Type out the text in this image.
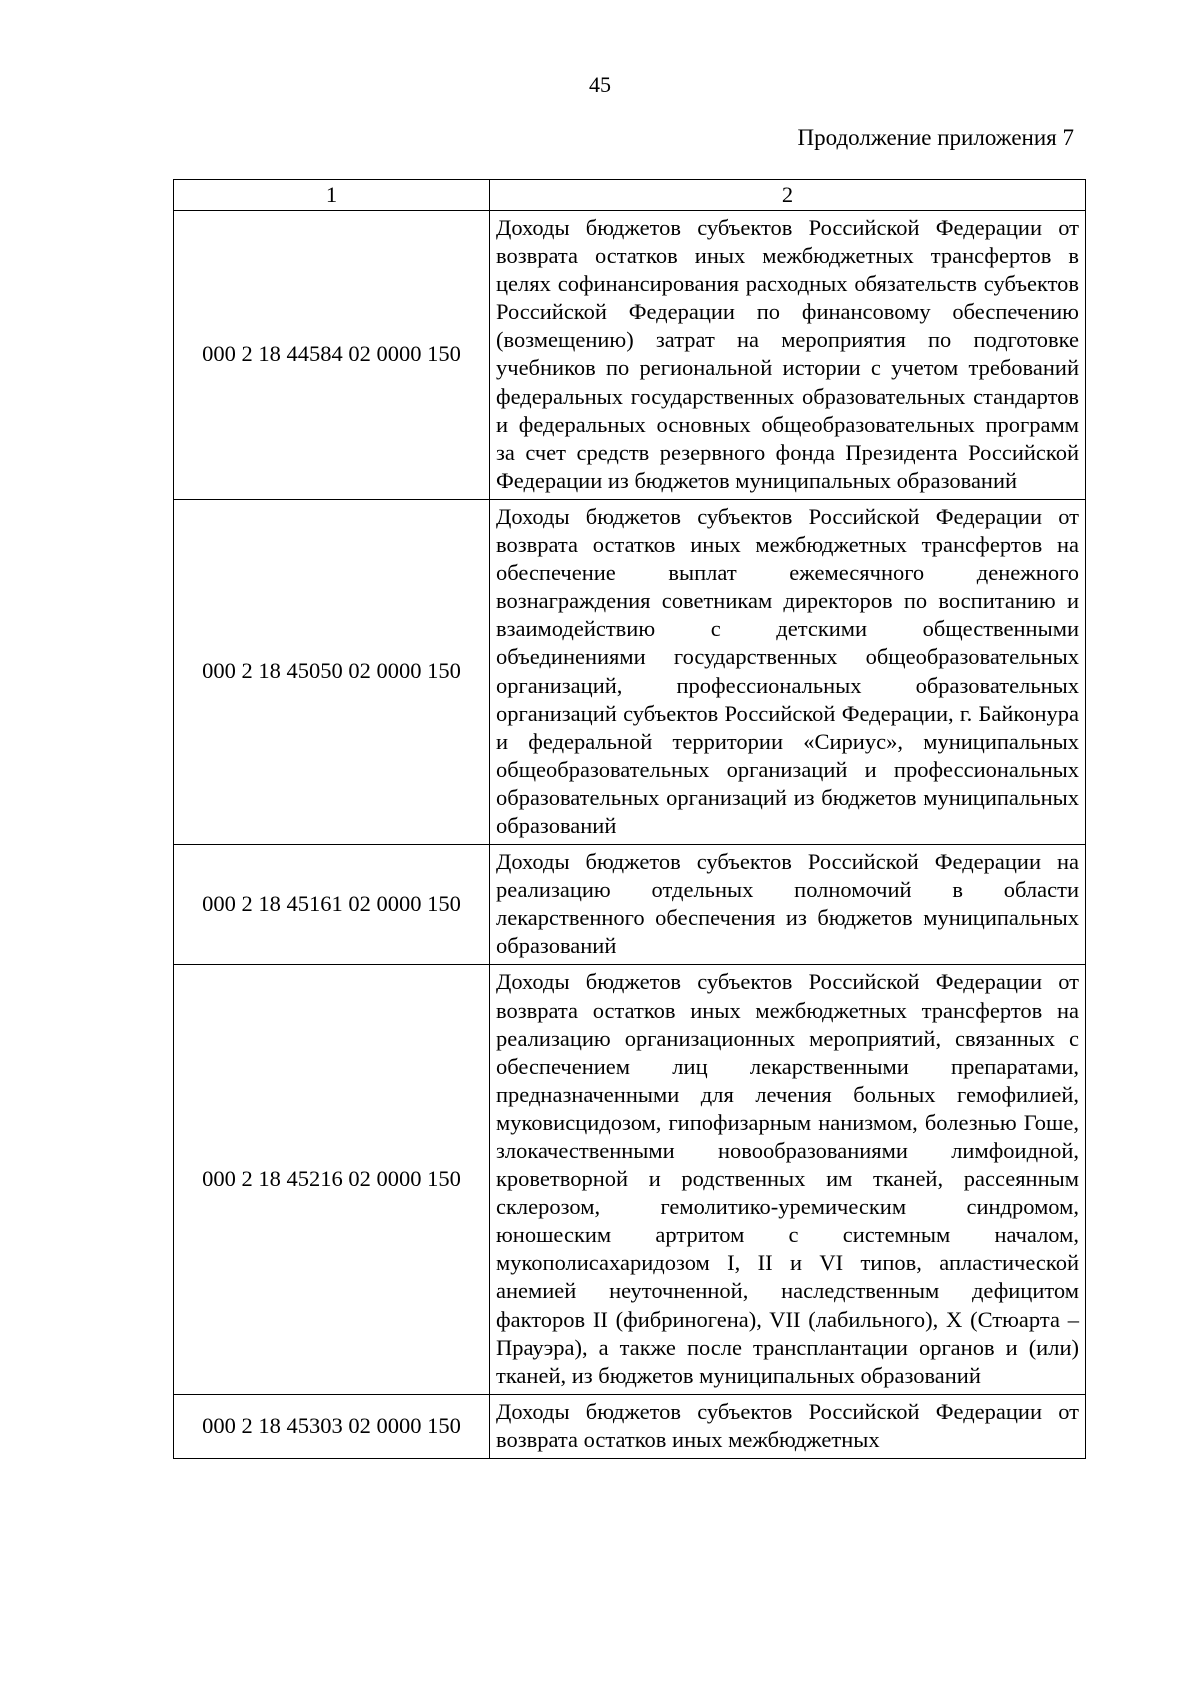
45
Продолжение приложения 7
1	2
000 2 18 44584 02 0000 150	Доходы бюджетов субъектов Российской Федерации от возврата остатков иных межбюджетных трансфертов в целях софинансирования расходных обязательств субъектов Российской Федерации по финансовому обеспечению (возмещению) затрат на мероприятия по подготовке учебников по региональной истории с учетом требований федеральных государственных образовательных стандартов и федеральных основных общеобразовательных программ за счет средств резервного фонда Президента Российской Федерации из бюджетов муниципальных образований
000 2 18 45050 02 0000 150	Доходы бюджетов субъектов Российской Федерации от возврата остатков иных межбюджетных трансфертов на обеспечение выплат ежемесячного денежного вознаграждения советникам директоров по воспитанию и взаимодействию с детскими общественными объединениями государственных общеобразовательных организаций, профессиональных образовательных организаций субъектов Российской Федерации, г. Байконура и федеральной территории «Сириус», муниципальных общеобразовательных организаций и профессиональных образовательных организаций из бюджетов муниципальных образований
000 2 18 45161 02 0000 150	Доходы бюджетов субъектов Российской Федерации на реализацию отдельных полномочий в области лекарственного обеспечения из бюджетов муниципальных образований
000 2 18 45216 02 0000 150	Доходы бюджетов субъектов Российской Федерации от возврата остатков иных межбюджетных трансфертов на реализацию организационных мероприятий, связанных с обеспечением лиц лекарственными препаратами, предназначенными для лечения больных гемофилией, муковисцидозом, гипофизарным нанизмом, болезнью Гоше, злокачественными новообразованиями лимфоидной, кроветворной и родственных им тканей, рассеянным склерозом, гемолитико-уремическим синдромом, юношеским артритом с системным началом, мукополисахаридозом I, II и VI типов, апластической анемией неуточненной, наследственным дефицитом факторов II (фибриногена), VII (лабильного), X (Стюарта – Прауэра), а также после трансплантации органов и (или) тканей, из бюджетов муниципальных образований
000 2 18 45303 02 0000 150	Доходы бюджетов субъектов Российской Федерации от возврата остатков иных межбюджетных
